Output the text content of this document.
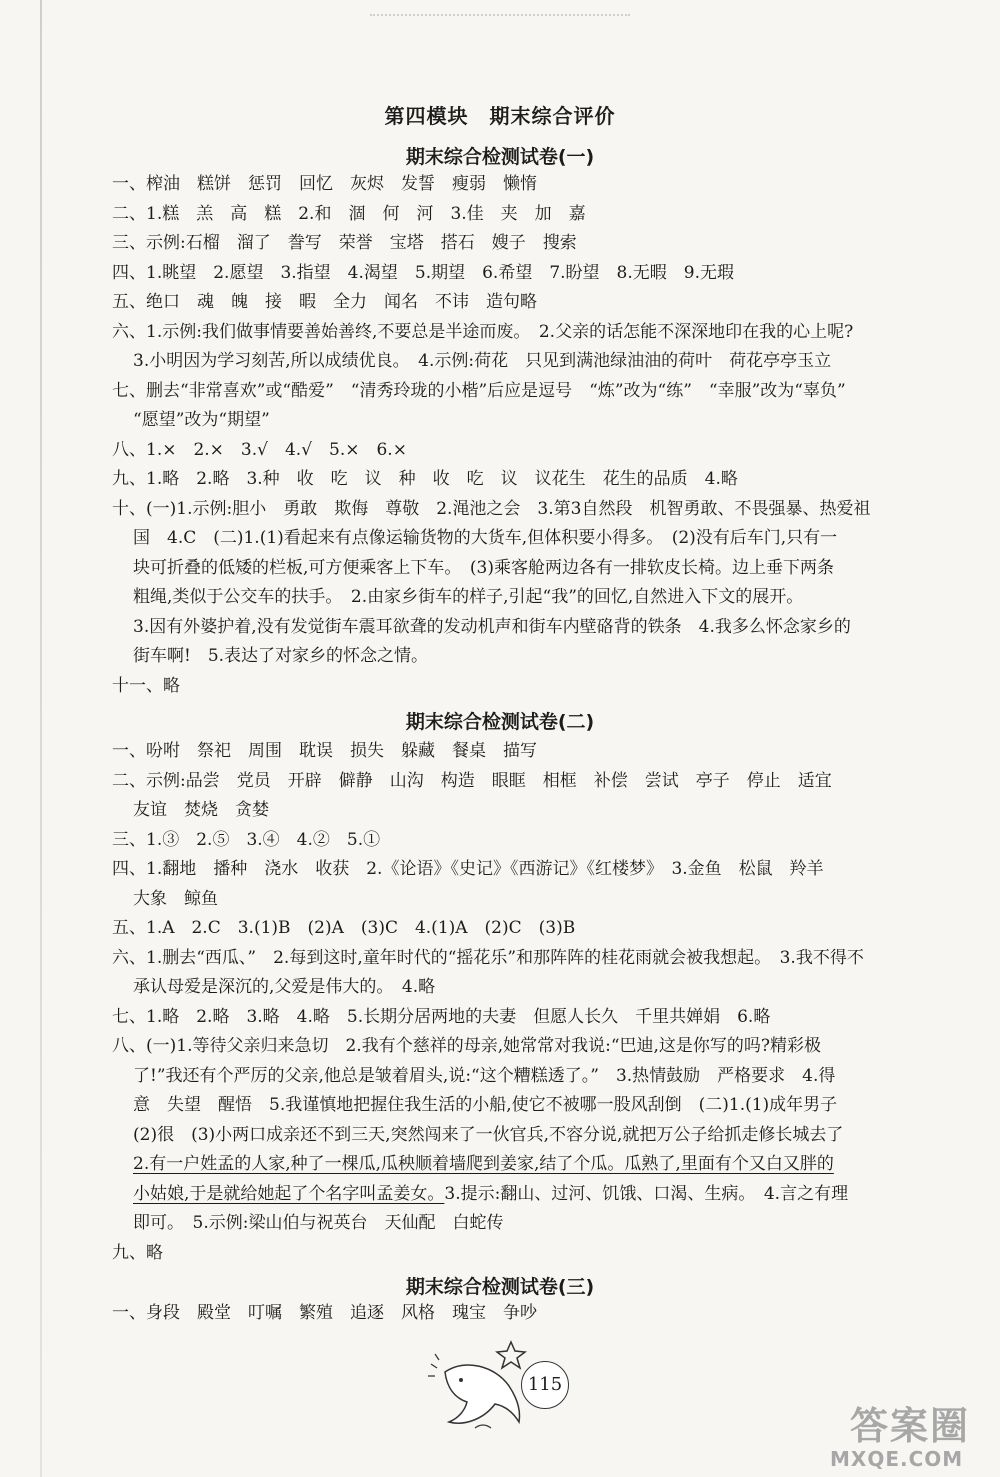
第四模块　期末综合评价
期末综合检测试卷(一)
一、榨油　糕饼　惩罚　回忆　灰烬　发誓　瘦弱　懒惰
二、1.糕　羔　高　糕　2.和　涸　何　河　3.佳　夹　加　嘉
三、示例:石榴　溜了　誊写　荣誉　宝塔　搭石　嫂子　搜索
四、1.眺望　2.愿望　3.指望　4.渴望　5.期望　6.希望　7.盼望　8.无暇　9.无瑕
五、绝口　魂　魄　接　暇　全力　闻名　不讳　造句略
六、1.示例:我们做事情要善始善终,不要总是半途而废。　2.父亲的话怎能不深深地印在我的心上呢?
3.小明因为学习刻苦,所以成绩优良。　4.示例:荷花　只见到满池绿油油的荷叶　荷花亭亭玉立
七、删去“非常喜欢”或“酷爱”　“清秀玲珑的小楷”后应是逗号　“炼”改为“练”　“幸服”改为“辜负”
“愿望”改为“期望”
八、1.×　2.×　3.√　4.√　5.×　6.×
九、1.略　2.略　3.种　收　吃　议　种　收　吃　议　议花生　花生的品质　4.略
十、(一)1.示例:胆小　勇敢　欺侮　尊敬　2.渑池之会　3.第3自然段　机智勇敢、不畏强暴、热爱祖
国　4.C　(二)1.(1)看起来有点像运输货物的大货车,但体积要小得多。　(2)没有后车门,只有一
块可折叠的低矮的栏板,可方便乘客上下车。　(3)乘客舱两边各有一排软皮长椅。边上垂下两条
粗绳,类似于公交车的扶手。　2.由家乡街车的样子,引起“我”的回忆,自然进入下文的展开。
3.因有外婆护着,没有发觉街车震耳欲聋的发动机声和街车内壁硌背的铁条　4.我多么怀念家乡的
街车啊!　5.表达了对家乡的怀念之情。
十一、略
期末综合检测试卷(二)
一、吩咐　祭祀　周围　耽误　损失　躲藏　餐桌　描写
二、示例:品尝　党员　开辟　僻静　山沟　构造　眼眶　相框　补偿　尝试　亭子　停止　适宜
友谊　焚烧　贪婪
三、1.③　2.⑤　3.④　4.②　5.①
四、1.翻地　播种　浇水　收获　2.《论语》《史记》《西游记》《红楼梦》　3.金鱼　松鼠　羚羊
大象　鲸鱼
五、1.A　2.C　3.(1)B　(2)A　(3)C　4.(1)A　(2)C　(3)B
六、1.删去“西瓜、”　2.每到这时,童年时代的“摇花乐”和那阵阵的桂花雨就会被我想起。　3.我不得不
承认母爱是深沉的,父爱是伟大的。　4.略
七、1.略　2.略　3.略　4.略　5.长期分居两地的夫妻　但愿人长久　千里共婵娟　6.略
八、(一)1.等待父亲归来急切　2.我有个慈祥的母亲,她常常对我说:“巴迪,这是你写的吗?精彩极
了!”我还有个严厉的父亲,他总是皱着眉头,说:“这个糟糕透了。”　3.热情鼓励　严格要求　4.得
意　失望　醒悟　5.我谨慎地把握住我生活的小船,使它不被哪一股风刮倒　(二)1.(1)成年男子
(2)很　(3)小两口成亲还不到三天,突然闯来了一伙官兵,不容分说,就把万公子给抓走修长城去了
2.有一户姓孟的人家,种了一棵瓜,瓜秧顺着墙爬到姜家,结了个瓜。瓜熟了,里面有个又白又胖的
小姑娘,于是就给她起了个名字叫孟姜女。3.提示:翻山、过河、饥饿、口渴、生病。　4.言之有理
即可。　5.示例:梁山伯与祝英台　天仙配　白蛇传
九、略
期末综合检测试卷(三)
一、身段　殿堂　叮嘱　繁殖　追逐　风格　瑰宝　争吵
115
答案圈
MXQE.COM
